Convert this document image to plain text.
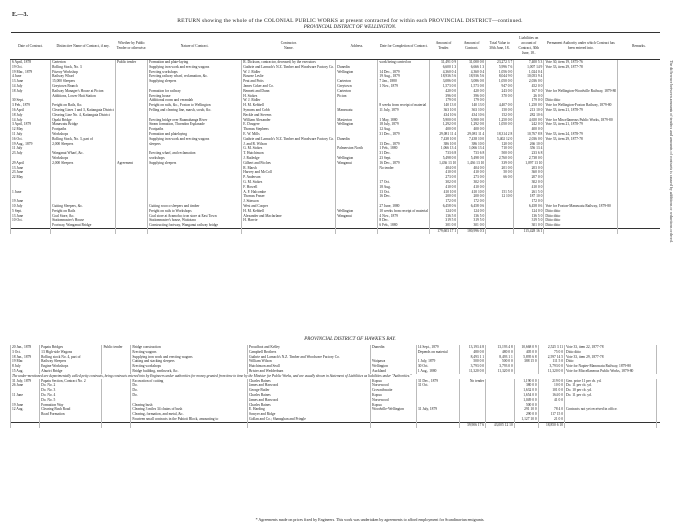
E.—3.
RETURN showing the whole of the COLONIAL PUBLIC WORKS at present contracted for within each PROVINCIAL DISTRICT—continued.
PROVINCIAL DISTRICT OF WELLINGTON.
Date of Contract.	Distinctive Name of Contract, if any.	Whether by Public Tender or otherwise.	Nature of Contract.	Contractor.
Name.	Address.	Date for Completion of Contract.	Amount of Tender.	Amount of Contract.	Total Value to 30th June, 18..	Liabilities on account of Contract, 30th June, 18..	Permanent Authority under which Contract has been entered into.	Remarks.
6 April, 1878	Carterton	Public tender	Formation and plate-laying	R. Dickson, contractor, deceased; by the executors		work being carried on	31,491 0 9	31,000 0 0	23,272 3 7	7,400 5 3	Vote 30, item 19, 1875-76	
19 Oct.	Rolling Stock, No. 3		Supplying iron work and erecting wagons	Guthrie and Larnach's N.Z. Timber and Woodware Factory Co.	Dunedin		6,600 1 3	6,666 1 3	5,996 7 6	1,007 14 9	Vote 33, item 29, 1877-78	
19 Mar., 1879	Fitzroy Workshop		Erecting workshops	W. J. Ridler	Wellington	14 Dec., 1879	4,360 0 4	4,360 0 4	1,056 0 0	1,024 0 4		
4 June	Railway Wharf		Erecting railway wharf, reclamation, &c.	Bourne Leslie		19 Aug., 1879	18,936 5 6	18,936 5 6	8,044 9 0	10,053 9 4		
13 June	15,000 Sleepers		Supplying sleepers	Peat and Potts	Carterton	7 Jan., 1880	3,086 0 0	3,086 0 0	1,050 0 0	2,036 0 0		
14 July	Greytown Branch			James Coker and Co.	Greytown	1 Nov., 1879	1,573 0 0	1,573 0 0	947 0 0	452 0 0		
18 July	Railway Manager's House at Picton		Formation for railway	Bennett and Dunn	Carterton		420 0 0	420 0 0	243 0 0	167 0 0	Vote for Wellington-Woodville Railway, 1879-80	
	Additions, Lower Hutt Station		Erecting house	H. Stokes	Picton		396 0 0	396 0 0	370 0 0	26 0 0		
30 Sept.			Additional room and verandah	W. J. Ridler			179 0 0	179 0 0		179 0 0	Ditto ditto	
3 Feb., 1879	Freight on Rails, &c.		Freight on rails, &c., Foxton to Wellington	H. M. Kebbell		8 weeks from receipt of material	140 13 0	140 13 0	4,407 0 0	1,250 0 0	Vote for Wellington-Foxton Railway, 1879-80	
16 April	Clearing Lines 1 and 3, Kaitangata District		Felling and clearing line, marsh, scrub, &c.	Symons and Cobb	Manawatu	11 July, 1879	363 10 0	363 10 0	150 0 0	213 10 0	Vote 33, item 21, 1878-79	
18 July	Clearing Line No. 4, Kaitangata District			Beckle and Stevens			434 10 6	434 10 6	152 0 0	282 10 6		
14 July	Opaki Bridge		Erecting bridge over Ruamahanga River	William Alexander	Masterton	1 May, 1880	5,900 0 0	5,900 0 0	1,250 0 0	4,650 0 0	Vote for Miscellaneous Public Works, 1879-80	
3 April, 1879	Manawatu Bridge		Steam formation, Thorndon Esplanade	E. Dougere	Wellington	18 July, 1879	1,292 0 0	1,292 0 0	1,050 0 0	242 0 0	Vote 33, item 21, 1878-79	
12 May	Footpaths		Footpaths	Thomas Stephens		12 Aug.	400 0 0	400 0 0		400 0 0		
11 July	Workshops		Formation and platelaying	E. W. Mills		31 Dec., 1879	29,081 11 4	29,081 11 4	18,314 2 8	10,767 8 8	Vote 33, item 24, 1878-79	
16 Oct.	Rolling Stock, No. 3, part of		Supplying iron work and erecting wagons	Guthrie and Larnach's N.Z. Timber and Woodware Factory Co.	Dunedin		7,438 10 0	7,438 10 0	5,402 12 0	2,036 0 0	Vote 33, item 29, 1877-78	
19 Aug., 1879	2,000 Sleepers		sleepers	J. and R. Wilson		13 Dec., 1879	386 10 0	386 10 0	120 0 0	266 10 0		
11 July				G. M. Stokes	Palmerston North	1 Feb., 1880	1,066 13 4	1,066 13 4	710 0 0	356 13 4		
23 July	Wanganui Wharf, &c.		Erecting wharf, and reclamation	T. Hutchinson		31 Dec.	733 6 8	733 6 8	500 0 0	233 6 8		
	Workshops		workshops	J. Rutledge	Wellington	23 Sept.	5,498 0 0	5,498 0 0	2,760 0 0	2,738 0 0		
29 April	2,000 Sleepers	Agreement	Supplying sleepers	Gilbert and Fitches	Wanganui	16 Dec., 1879	1,436 13 10	1,436 13 10	339 0 0	1,097 13 10		
13 June				R. Marsh		No tender	404 0 0	404 0 0	201 0 0	203 0 0		
23 June				Harvey and McColl			410 0 0	410 0 0	50 0 0	360 0 0		
22 May				P. Anderson			273 0 0	273 0 0	66 0 0	207 0 0		
				G. M. Stokes		17 Oct.	302 0 0	302 0 0		302 0 0		
				F. Howell		18 Aug.	410 0 0	410 0 0		410 0 0		
1 June				A. F. Halcombe		13 Oct.	410 10 0	410 10 0	151 5 0	261 5 0		
				Thomas Fraser		16 Dec.	200 0 0	200 0 0	12 10 0	187 10 0		
19 June				J. Stinsson			172 0 0	172 0 0		172 0 0		
10 July	Cutting Sleepers, &c.		Cutting rococo sleepers and timber	West and Cooper		27 June, 1880	6,458 0 6	6,458 0 6		6,458 0 6	Vote for Foxton-Manawatu Railway, 1879-80	
5 Sept.	Freight on Rails		Freight on rails to Workshops	H. M. Kebbell	Wellington	10 weeks from receipt of material	124 0 0	124 0 0		124 0 0	Ditto ditto	
13 June	Coal Store, &c.		Coal store at Aramoho; iron store at East Town	Alexander and Macfarlane	Wanganui	4 Nov., 1879	136 5 0	136 5 0		136 5 0	Ditto ditto	
10 Oct.	Stationmaster's House		Stationmaster's house, Waitotara	H. Harvie		8 Dec.	319 5 0	319 5 0		319 5 0	Ditto ditto	
	Footway, Wanganui Bridge		Constructing footway, Wanganui railway bridge			6 Feb., 1880	301 0 0	301 0 0		301 0 0	Ditto ditto	
							179,603 17 1	180,996 0 3		115,428 16 1			The difference between amounts of tenders and amounts of contracts is caused by additions or reductions ordered.
PROVINCIAL DISTRICT OF HAWKE'S BAY.
20 Jan., 1878	Papatu Bridges	Public tender	Bridge construction	Proudfoot and Kelley	Dunedin	14 Sept., 1879	13,193 4 8	13,193 4 8	10,668 0 9	2,525 3 11	Vote 33, item 22, 1877-78	
3 Oct.	13 High-side Wagons		Erecting wagons	Campbell Brothers		Depends on material	480 0 0	480 0 0	405 0 0	75 0 0	Ditto ditto	
18 Jan., 1879	Rolling stock No. 4, part of		Supplying iron work and erecting wagons	Guthrie and Larnach's N.Z. Timber and Woodware Factory Co.			8,493 1 1	8,493 1 1	5,895 6 8	2,597 14 5	Vote 33, item 29, 1877-78	
19 Mar.	Railway Sleepers		Cutting and stacking sleepers	William Wilson	Waipawa	1 July, 1879	500 0 0	500 0 0	388 15 0	111 5 0	Ditto	
8 July	Engine Workshops		Erecting workshops	Hutchinson and Seall	Wellington	30 Oct.	3,793 0 0	3,793 0 0		3,793 0 0	Vote for Napier-Manawatu Railway, 1879-80	
15 Aug.	Ahuriri Bridge		Bridge building, earthwork, &c.	Brister and Wedderburn	Auckland	1 Aug., 1880	11,320 0 0	11,320 0 0		11,320 0 0	Vote for Miscellaneous Public Works, 1879-80	
The under-mentioned are departmentally called petty contracts, being contracts entered into by Engineers under authorities for money granted from time to time by the Minister for Public Works, and are usually shown in Statement of Liabilities as liabilities under "Authorities."												
31 July, 1879	Papatu Section, Contract No. 2		Excavation of cutting	Charles Baines	Kopua	31 Dec., 1879	No tender		1,190 0 0	219 0 0	Gen. price 11 per cb. yd.	
26 June	Do. No. 2		Do.	James and Harwood	Norsewood	31 Oct.			380 0 0	10 0 0	Do. 11 per cb. yd.	
	Do. No. 3		Do.	George Butler	Crownthwaite				1,632 0 0	101 0 0	Do. 10 per cb. yd.	
11 June	Do. No. 4		Do.	Charles Baines	Kopua				1,654 0 0	164 0 0	Do. 11 per cb. yd.	
	Do. No. 5			James and Harwood	Norsewood				1,049 0 0	41 0 0		
19 June	Formation Way		Clearing bush	Charles Baines	Kopua				500 0 0			
12 Aug.	Clearing Bush Road		Clearing 3 miles 34 chains of bush	E. Harding	Woodville-Wellington	31 July, 1879			291 10 0	78 4 0	Contracts not yet received in office.	
	Road Formation		Clearing, formation, and metal, &c.	Sawyer and Ridge					290 0 0	117 15 0		
			Fourteen small contracts in the Puhioti Block, amounting to	Gollan and Co.; Shanaghan and Pringle					1,127 10 0	21 0 0		
							39,906 17 6	43,005 12 10		18,850 6 10		
* Agreements made on prices fixed by Engineers. This work was undertaken by agreements to afford employment for Scandinavian emigrants.
